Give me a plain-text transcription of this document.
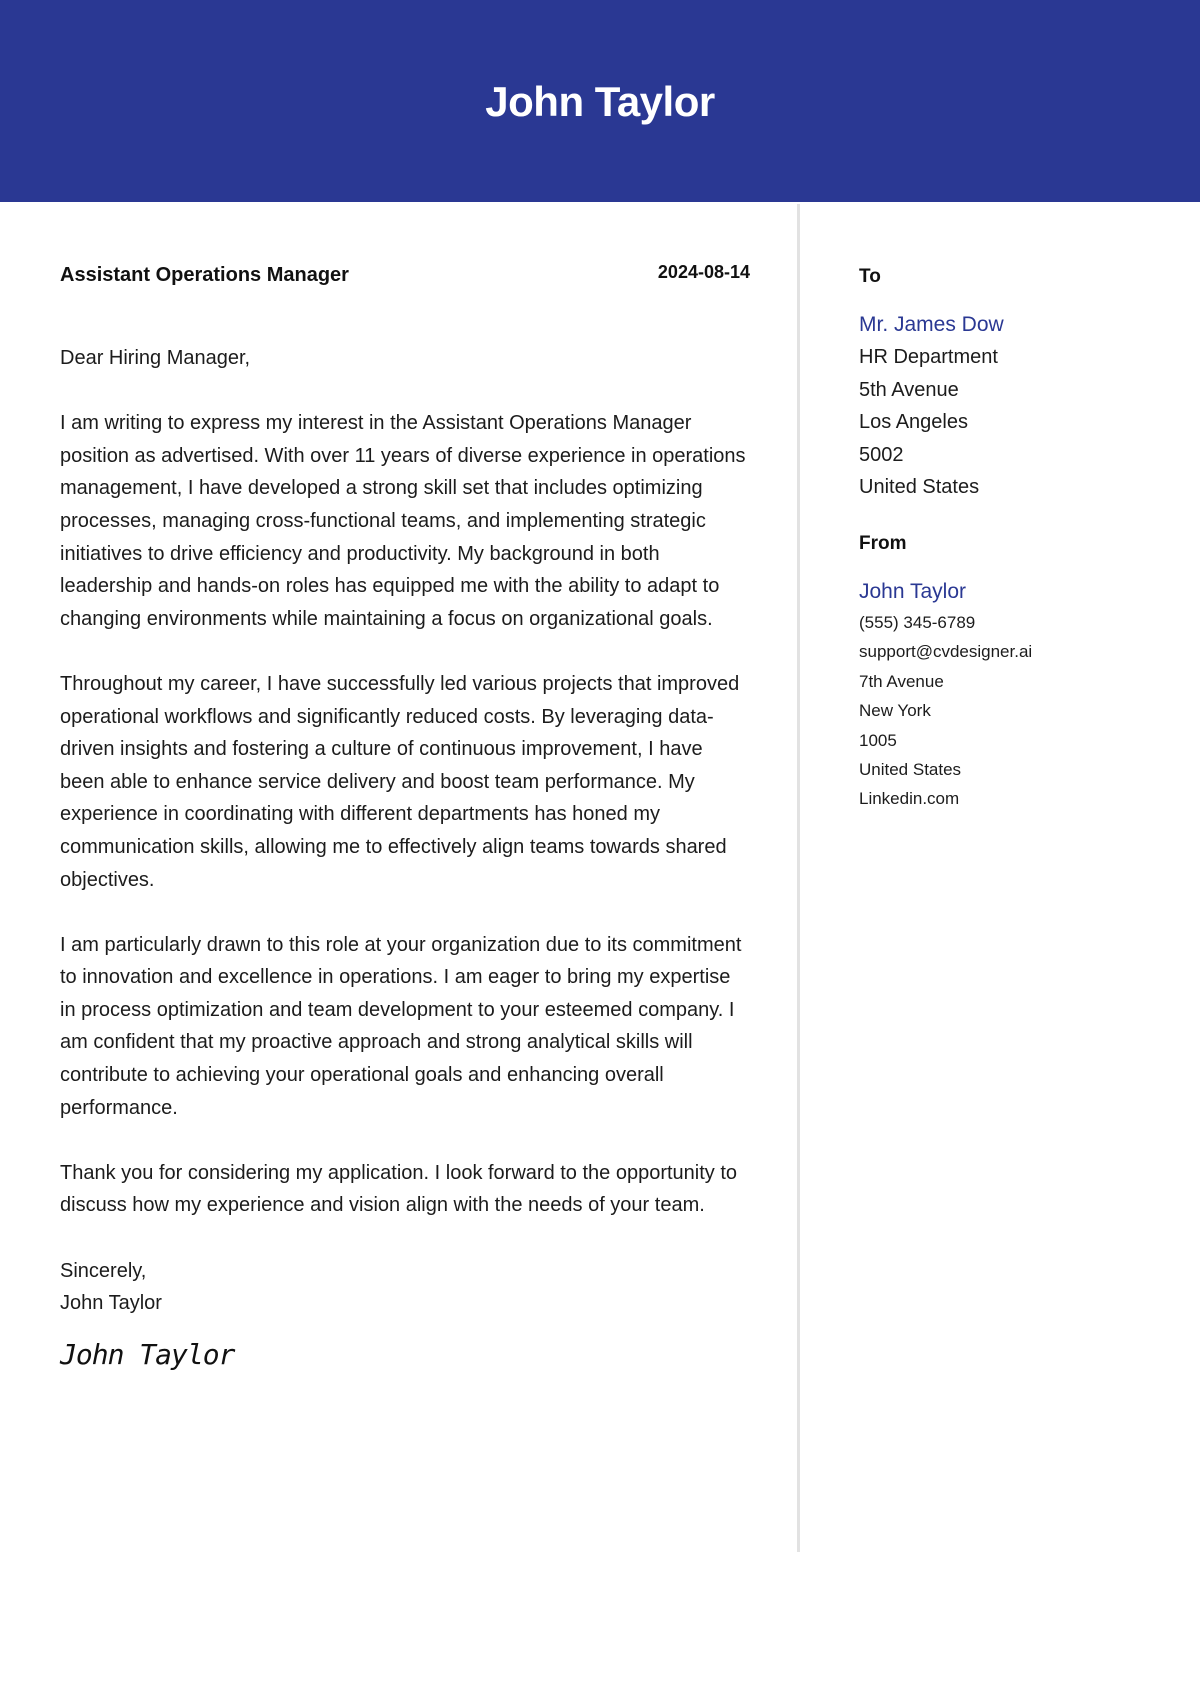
John Taylor
Assistant Operations Manager	2024-08-14

Dear Hiring Manager,

I am writing to express my interest in the Assistant Operations Manager position as advertised. With over 11 years of diverse experience in operations management, I have developed a strong skill set that includes optimizing processes, managing cross-functional teams, and implementing strategic initiatives to drive efficiency and productivity. My background in both leadership and hands-on roles has equipped me with the ability to adapt to changing environments while maintaining a focus on organizational goals.

Throughout my career, I have successfully led various projects that improved operational workflows and significantly reduced costs. By leveraging data-driven insights and fostering a culture of continuous improvement, I have been able to enhance service delivery and boost team performance. My experience in coordinating with different departments has honed my communication skills, allowing me to effectively align teams towards shared objectives.

I am particularly drawn to this role at your organization due to its commitment to innovation and excellence in operations. I am eager to bring my expertise in process optimization and team development to your esteemed company. I am confident that my proactive approach and strong analytical skills will contribute to achieving your operational goals and enhancing overall performance.

Thank you for considering my application. I look forward to the opportunity to discuss how my experience and vision align with the needs of your team.

Sincerely,
John Taylor
John Taylor
To
Mr. James Dow
HR Department
5th Avenue
Los Angeles
5002
United States
From
John Taylor
(555) 345-6789
support@cvdesigner.ai
7th Avenue
New York
1005
United States
Linkedin.com
